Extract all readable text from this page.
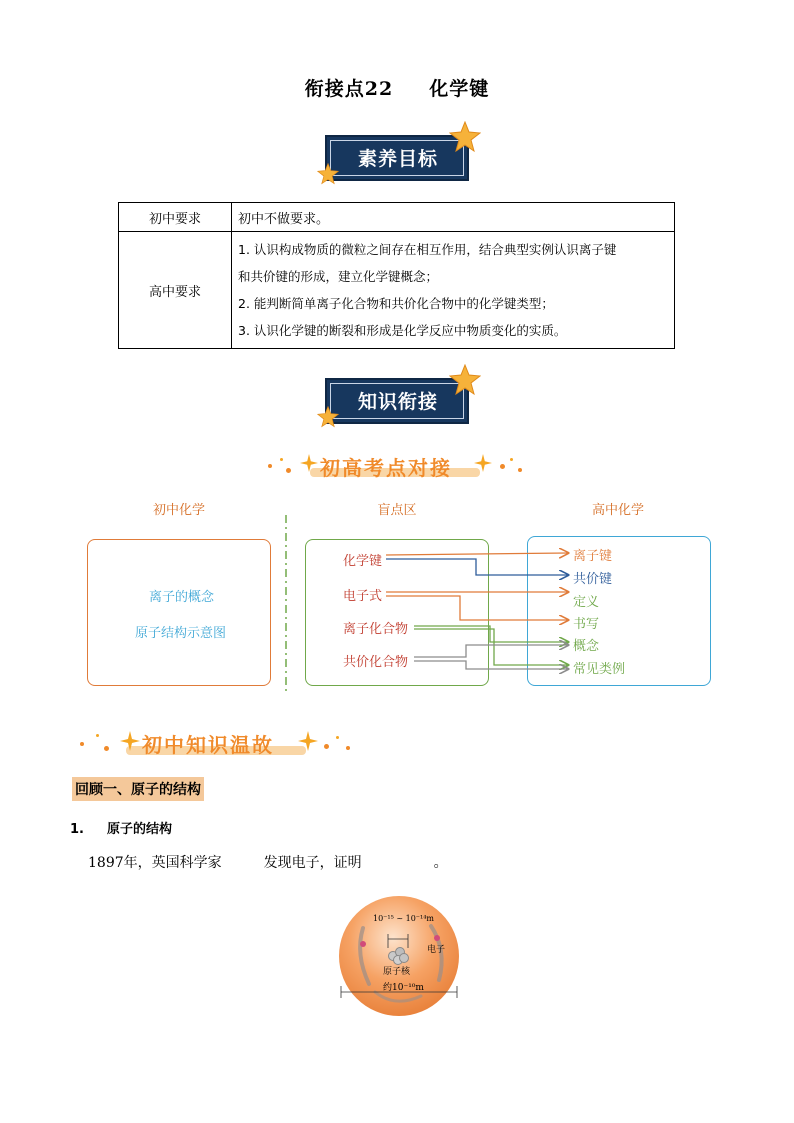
衔接点22 化学键
素养目标
初中要求	初中不做要求。
高中要求	1. 认识构成物质的微粒之间存在相互作用，结合典型实例认识离子键
和共价键的形成，建立化学键概念；
2. 能判断简单离子化合物和共价化合物中的化学键类型；
3. 认识化学键的断裂和形成是化学反应中物质变化的实质。
知识衔接
初高考点对接
初中化学	盲点区	高中化学
离子的概念
原子结构示意图
化学键
电子式
离子化合物
共价化合物
离子键
共价键
定义
书写
概念
常见类例
初中知识温故
回顾一、原子的结构
1. 原子的结构
1897年，英国科学家	发现电子，证明	。
10⁻¹⁵ ~ 10⁻¹⁴m
原子核
电子
约10⁻¹⁰m
